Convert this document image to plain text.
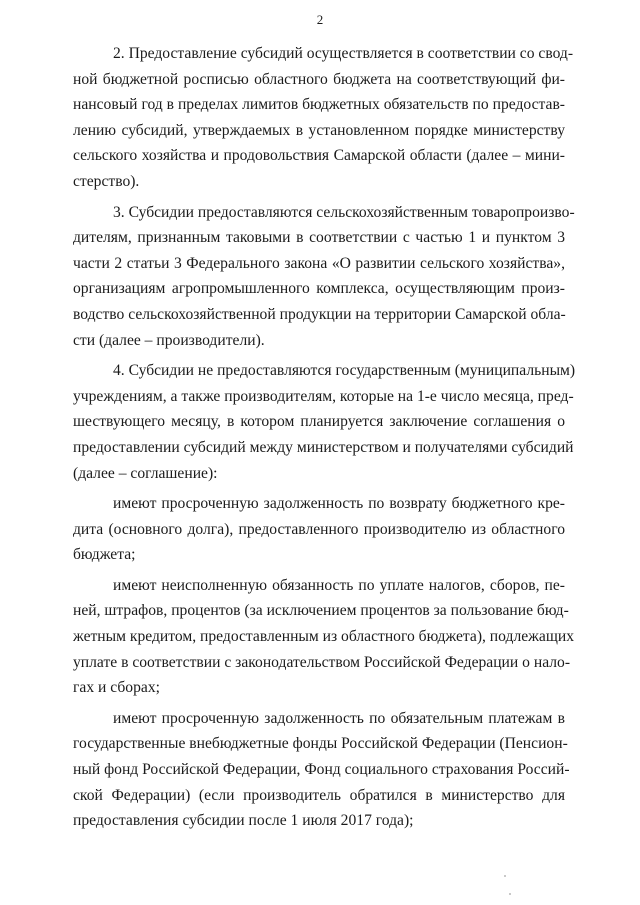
2
2. Предоставление субсидий осуществляется в соответствии со свод-
ной бюджетной росписью областного бюджета на соответствующий фи-
нансовый год в пределах лимитов бюджетных обязательств по предостав-
лению субсидий, утверждаемых в установленном порядке министерству
сельского хозяйства и продовольствия Самарской области (далее – мини-
стерство).
3. Субсидии предоставляются сельскохозяйственным товаропроизво-
дителям, признанным таковыми в соответствии с частью 1 и пунктом 3
части 2 статьи 3 Федерального закона «О развитии сельского хозяйства»,
организациям агропромышленного комплекса, осуществляющим произ-
водство сельскохозяйственной продукции на территории Самарской обла-
сти (далее – производители).
4. Субсидии не предоставляются государственным (муниципальным)
учреждениям, а также производителям, которые на 1-е число месяца, пред-
шествующего месяцу, в котором планируется заключение соглашения о
предоставлении субсидий между министерством и получателями субсидий
(далее – соглашение):
имеют просроченную задолженность по возврату бюджетного кре-
дита (основного долга), предоставленного производителю из областного
бюджета;
имеют неисполненную обязанность по уплате налогов, сборов, пе-
ней, штрафов, процентов (за исключением процентов за пользование бюд-
жетным кредитом, предоставленным из областного бюджета), подлежащих
уплате в соответствии с законодательством Российской Федерации о нало-
гах и сборах;
имеют просроченную задолженность по обязательным платежам в
государственные внебюджетные фонды Российской Федерации (Пенсион-
ный фонд Российской Федерации, Фонд социального страхования Россий-
ской Федерации) (если производитель обратился в министерство для
предоставления субсидии после 1 июля 2017 года);
